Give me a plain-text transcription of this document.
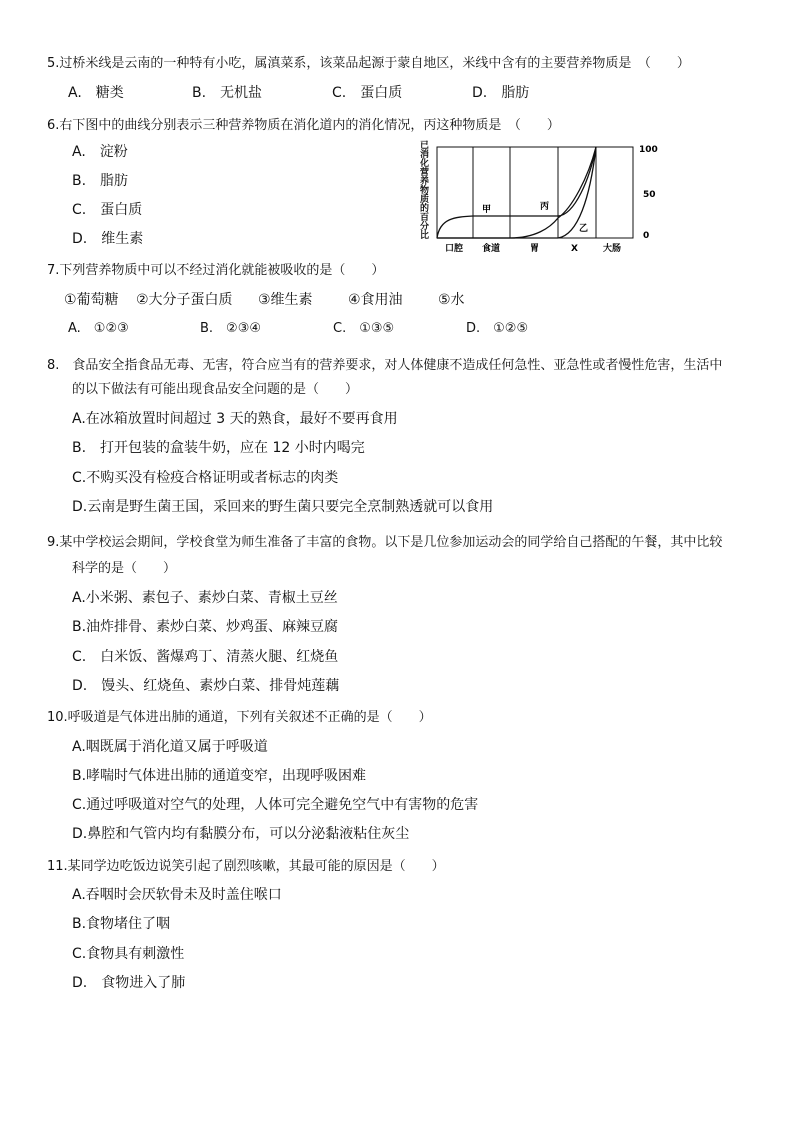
5.过桥米线是云南的一种特有小吃，属滇菜系，该菜品起源于蒙自地区，米线中含有的主要营养物质是　（　　）
A.　糖类	B.　无机盐	C.　蛋白质	D.　脂肪
6.右下图中的曲线分别表示三种营养物质在消化道内的消化情况，丙这种物质是　（　　）
A.　淀粉
B.　脂肪
C.　蛋白质
D.　维生素
已
消
化
营
养
物
质
的
百
分
比
甲	丙
乙
100
50
0
口腔 食道	胃	X	大肠
7.下列营养物质中可以不经过消化就能被吸收的是（　　）
①葡萄糖 ②大分子蛋白质 ③维生素	④食用油	⑤水
A.　①②③	B.　②③④	C.　①③⑤	D.　①②⑤
8.　食品安全指食品无毒、无害，符合应当有的营养要求，对人体健康不造成任何急性、亚急性或者慢性危害，生活中
的以下做法有可能出现食品安全问题的是（　　）
A.在冰箱放置时间超过 3 天的熟食，最好不要再食用
B.　打开包装的盒装牛奶，应在 12 小时内喝完
C.不购买没有检疫合格证明或者标志的肉类
D.云南是野生菌王国，采回来的野生菌只要完全烹制熟透就可以食用
9.某中学校运会期间，学校食堂为师生准备了丰富的食物。以下是几位参加运动会的同学给自己搭配的午餐，其中比较
科学的是（　　）
A.小米粥、素包子、素炒白菜、青椒土豆丝
B.油炸排骨、素炒白菜、炒鸡蛋、麻辣豆腐
C.　白米饭、酱爆鸡丁、清蒸火腿、红烧鱼
D.　馒头、红烧鱼、素炒白菜、排骨炖莲藕
10.呼吸道是气体进出肺的通道，下列有关叙述不正确的是（　　）
A.咽既属于消化道又属于呼吸道
B.哮喘时气体进出肺的通道变窄，出现呼吸困难
C.通过呼吸道对空气的处理，人体可完全避免空气中有害物的危害
D.鼻腔和气管内均有黏膜分布，可以分泌黏液粘住灰尘
11.某同学边吃饭边说笑引起了剧烈咳嗽，其最可能的原因是（　　）
A.吞咽时会厌软骨未及时盖住喉口
B.食物堵住了咽
C.食物具有刺激性
D.　食物进入了肺
